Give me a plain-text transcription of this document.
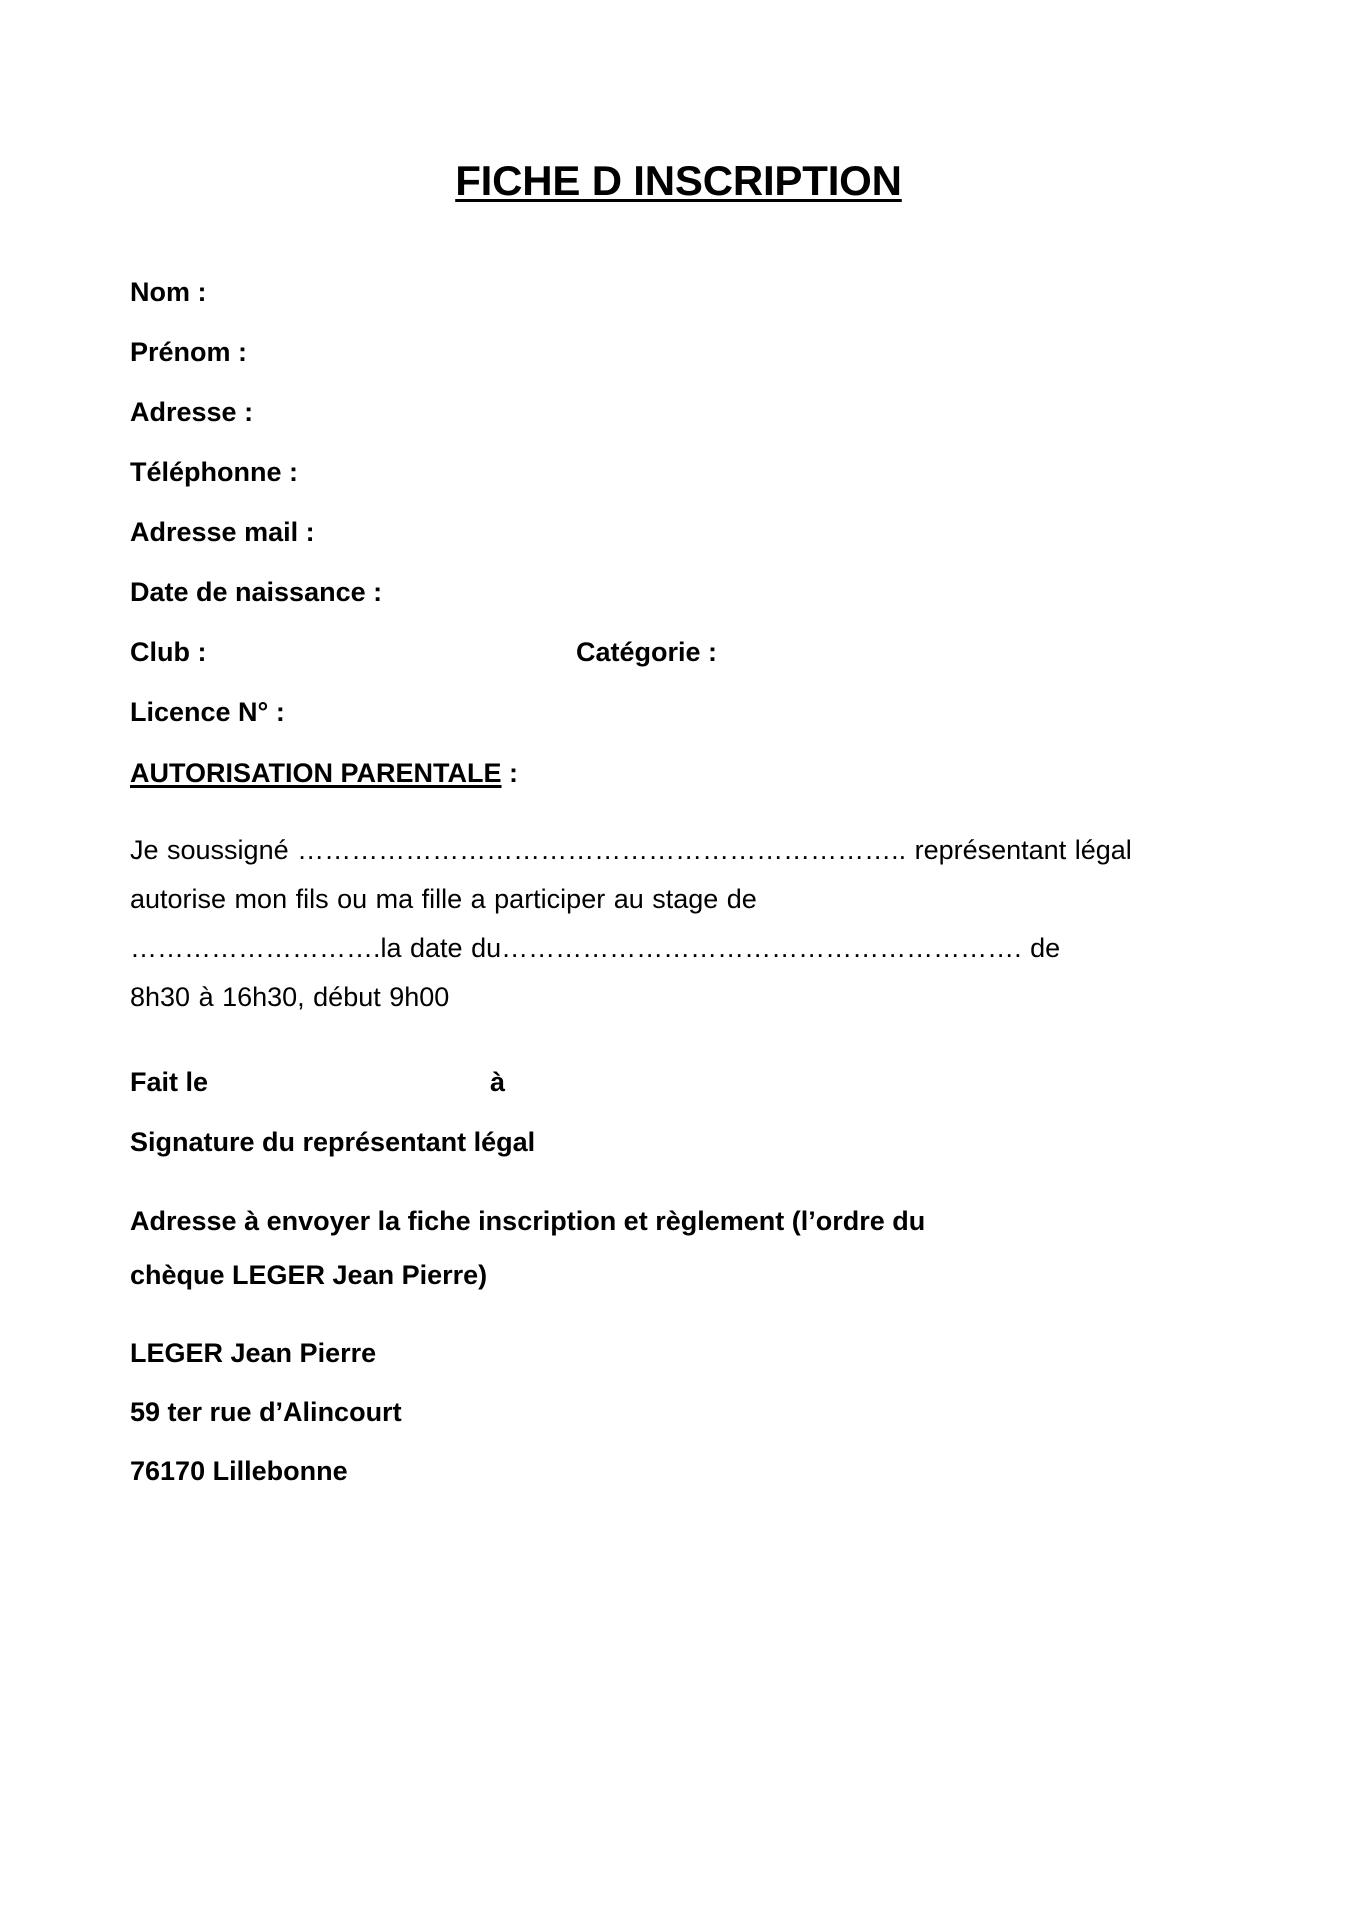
FICHE D INSCRIPTION
Nom :
Prénom :
Adresse :
Téléphonne :
Adresse mail :
Date de naissance :
Club :	Catégorie :
Licence N° :
AUTORISATION PARENTALE :
Je soussigné ………………………………………………………….. représentant légal
autorise mon fils ou ma fille a participer au stage de
……………………….la date du…………………………………………………. de
8h30 à 16h30, début 9h00
Fait le	à
Signature du représentant légal
Adresse à envoyer la fiche inscription et règlement (l’ordre du
chèque LEGER Jean Pierre)
LEGER Jean Pierre
59 ter rue d’Alincourt
76170 Lillebonne
